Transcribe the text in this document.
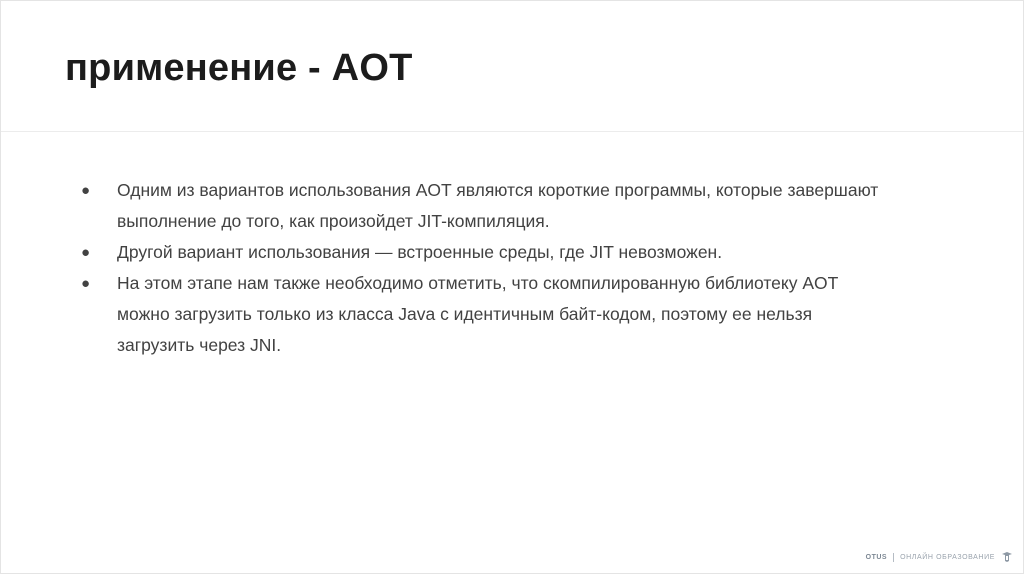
применение - AOT
●	Одним из вариантов использования AOT являются короткие программы, которые завершают
выполнение до того, как произойдет JIT-компиляция.
●	Другой вариант использования — встроенные среды, где JIT невозможен.
●	На этом этапе нам также необходимо отметить, что скомпилированную библиотеку AOT
можно загрузить только из класса Java с идентичным байт-кодом, поэтому ее нельзя
загрузить через JNI.
OTUS ОНЛАЙН ОБРАЗОВАНИЕ
